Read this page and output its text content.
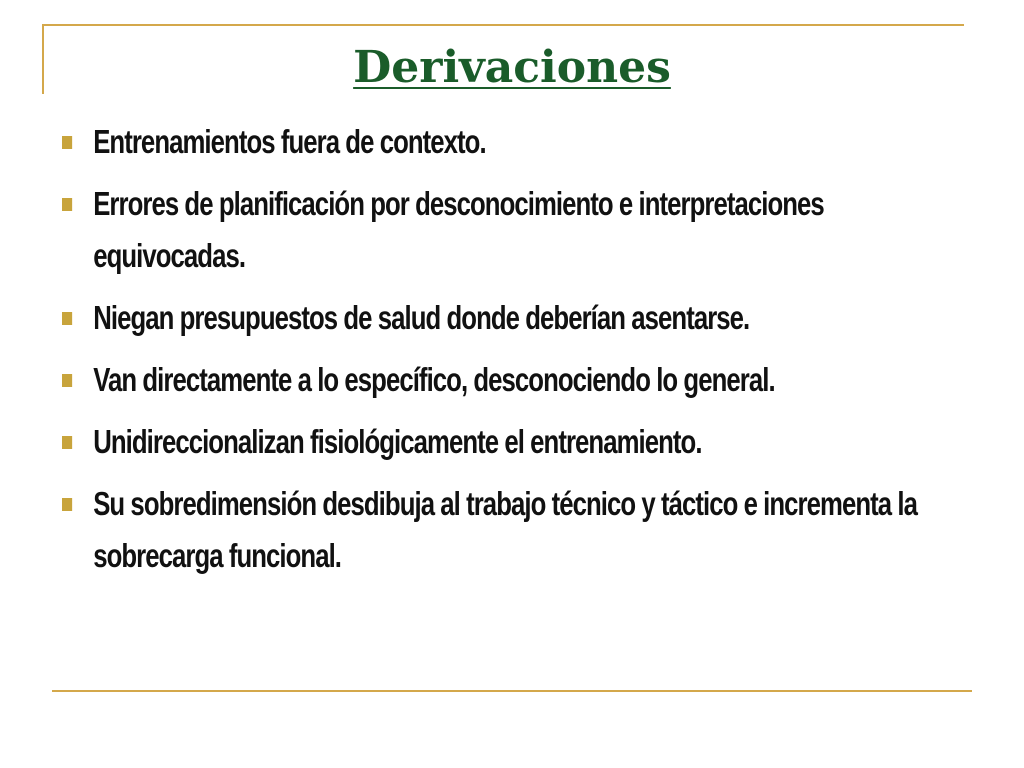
Derivaciones
Entrenamientos fuera de contexto.
Errores de planificación por desconocimiento e interpretaciones equivocadas.
Niegan presupuestos de salud donde deberían asentarse.
Van directamente a lo específico, desconociendo lo general.
Unidireccionalizan fisiológicamente el entrenamiento.
Su sobredimensión desdibuja al trabajo técnico y táctico e incrementa la sobrecarga funcional.
